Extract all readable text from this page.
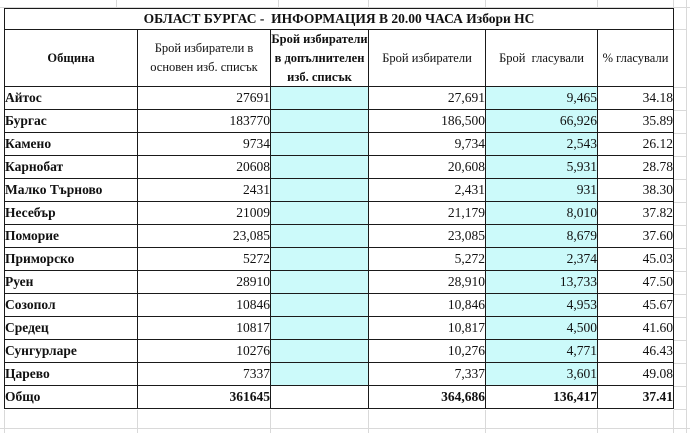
ОБЛАСТ БУРГАС -  ИНФОРМАЦИЯ В 20.00 ЧАСА Избори НС					
Община	Брой избиратели в основен изб. списък	Брой избиратели в допълнителен изб. списък	Брой избиратели	Брой  гласували	% гласували
Айтос	27691		27,691	9,465	34.18
Бургас	183770		186,500	66,926	35.89
Камено	9734		9,734	2,543	26.12
Карнобат	20608		20,608	5,931	28.78
Малко Търново	2431		2,431	931	38.30
Несебър	21009		21,179	8,010	37.82
Поморие	23,085		23,085	8,679	37.60
Приморско	5272		5,272	2,374	45.03
Руен	28910		28,910	13,733	47.50
Созопол	10846		10,846	4,953	45.67
Средец	10817		10,817	4,500	41.60
Сунгурларе	10276		10,276	4,771	46.43
Царево	7337		7,337	3,601	49.08
Общо	361645		364,686	136,417	37.41
